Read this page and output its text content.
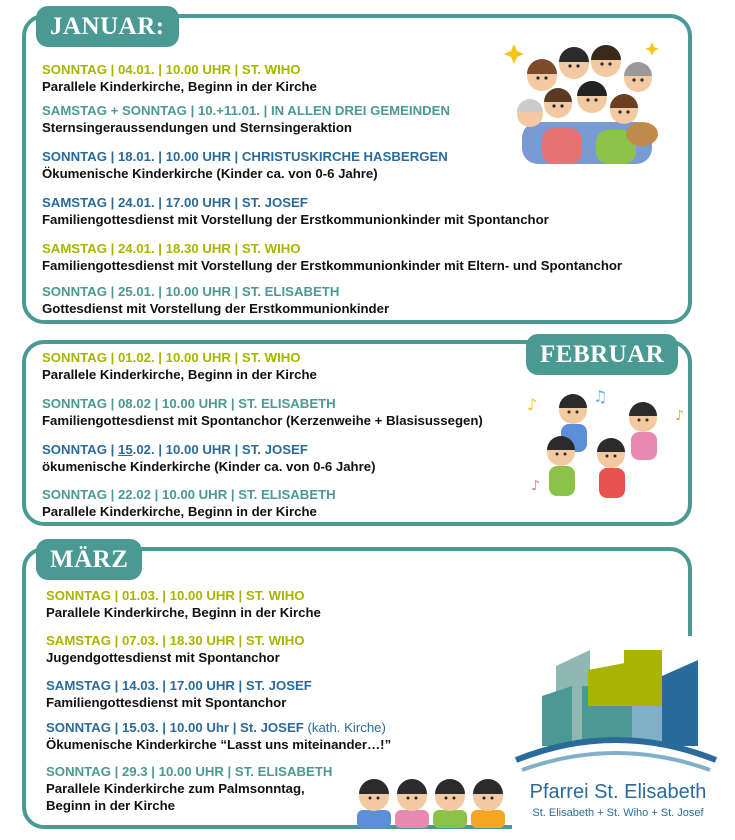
JANUAR:
SONNTAG | 04.01. | 10.00 UHR | ST. WIHO
Parallele Kinderkirche, Beginn in der Kirche
SAMSTAG + SONNTAG | 10.+11.01. | IN ALLEN DREI GEMEINDEN
Sternsingeraussendungen und Sternsingeraktion
SONNTAG | 18.01. | 10.00 UHR | CHRISTUSKIRCHE HASBERGEN
Ökumenische Kinderkirche (Kinder ca. von 0-6 Jahre)
SAMSTAG | 24.01. | 17.00 UHR | ST. JOSEF
Familiengottesdienst mit Vorstellung der Erstkommunionkinder mit Spontanchor
SAMSTAG | 24.01. | 18.30 UHR | ST. WIHO
Familiengottesdienst mit Vorstellung der Erstkommunionkinder mit Eltern- und Spontanchor
SONNTAG | 25.01. | 10.00 UHR | ST. ELISABETH
Gottesdienst mit Vorstellung der Erstkommunionkinder
FEBRUAR
SONNTAG | 01.02. | 10.00 UHR | ST. WIHO
Parallele Kinderkirche, Beginn in der Kirche
SONNTAG | 08.02 | 10.00 UHR | ST. ELISABETH
Familiengottesdienst mit Spontanchor (Kerzenweihe + Blasisussegen)
SONNTAG | 15.02. | 10.00 UHR | ST. JOSEF
ökumenische Kinderkirche (Kinder ca. von 0-6 Jahre)
SONNTAG | 22.02 | 10.00 UHR | ST. ELISABETH
Parallele Kinderkirche, Beginn in der Kirche
♪
♪
♫
♪
MÄRZ
SONNTAG | 01.03. | 10.00 UHR | ST. WIHO
Parallele Kinderkirche, Beginn in der Kirche
SAMSTAG | 07.03. | 18.30 UHR | ST. WIHO
Jugendgottesdienst mit Spontanchor
SAMSTAG | 14.03. | 17.00 UHR | ST. JOSEF
Familiengottesdienst mit Spontanchor
SONNTAG | 15.03. | 10.00 Uhr | St. JOSEF (kath. Kirche)
Ökumenische Kinderkirche “Lasst uns miteinander…!”
SONNTAG | 29.3 | 10.00 UHR | ST. ELISABETH
Parallele Kinderkirche zum Palmsonntag,
Beginn in der Kirche
Pfarrei St. Elisabeth
St. Elisabeth + St. Wiho + St. Josef
